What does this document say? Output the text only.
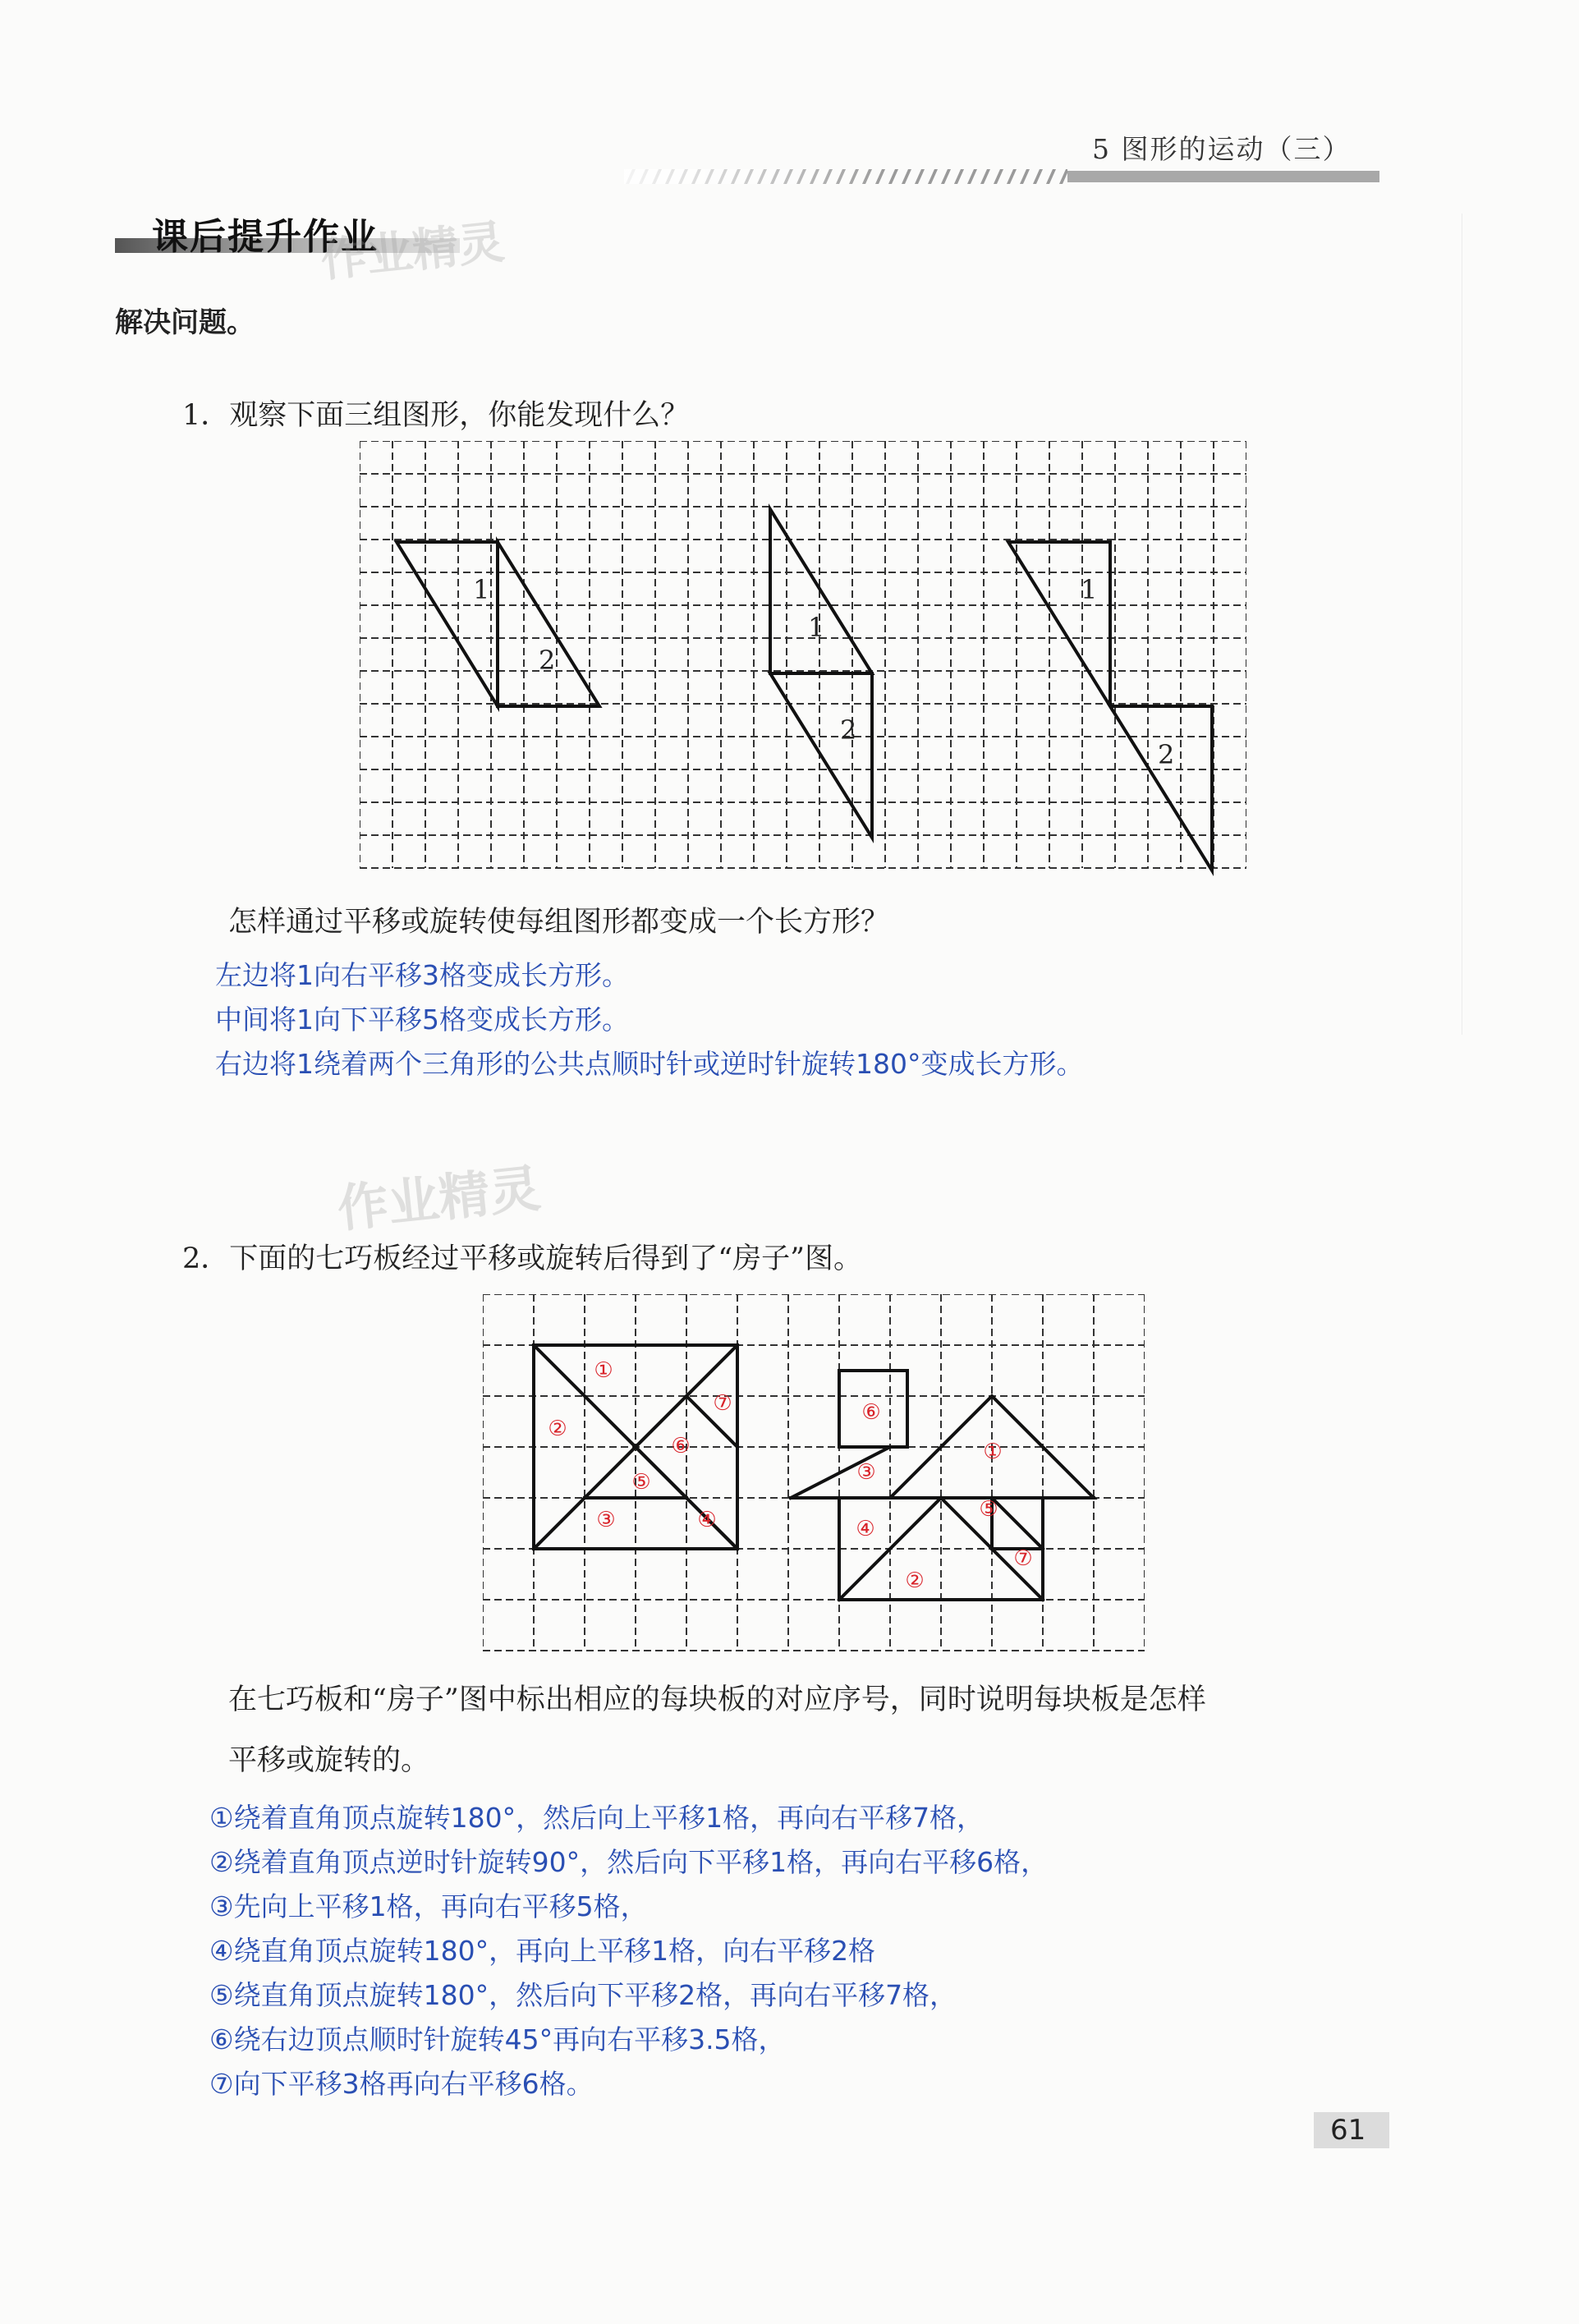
5 图形的运动（三）
课后提升作业
作业精灵
解决问题。
1．观察下面三组图形，你能发现什么？
1
2
1
2
1
2
怎样通过平移或旋转使每组图形都变成一个长方形？
左边将1向右平移3格变成长方形。
中间将1向下平移5格变成长方形。
右边将1绕着两个三角形的公共点顺时针或逆时针旋转180°变成长方形。
作业精灵
2．下面的七巧板经过平移或旋转后得到了“房子”图。
①
②
③	④
⑤
⑥
⑦
①
②
③
④
⑤
⑥
⑦
在七巧板和“房子”图中标出相应的每块板的对应序号，同时说明每块板是怎样
平移或旋转的。
①绕着直角顶点旋转180°，然后向上平移1格，再向右平移7格，
②绕着直角顶点逆时针旋转90°，然后向下平移1格，再向右平移6格，
③先向上平移1格，再向右平移5格，
④绕直角顶点旋转180°，再向上平移1格，向右平移2格
⑤绕直角顶点旋转180°，然后向下平移2格，再向右平移7格，
⑥绕右边顶点顺时针旋转45°再向右平移3.5格，
⑦向下平移3格再向右平移6格。
61
